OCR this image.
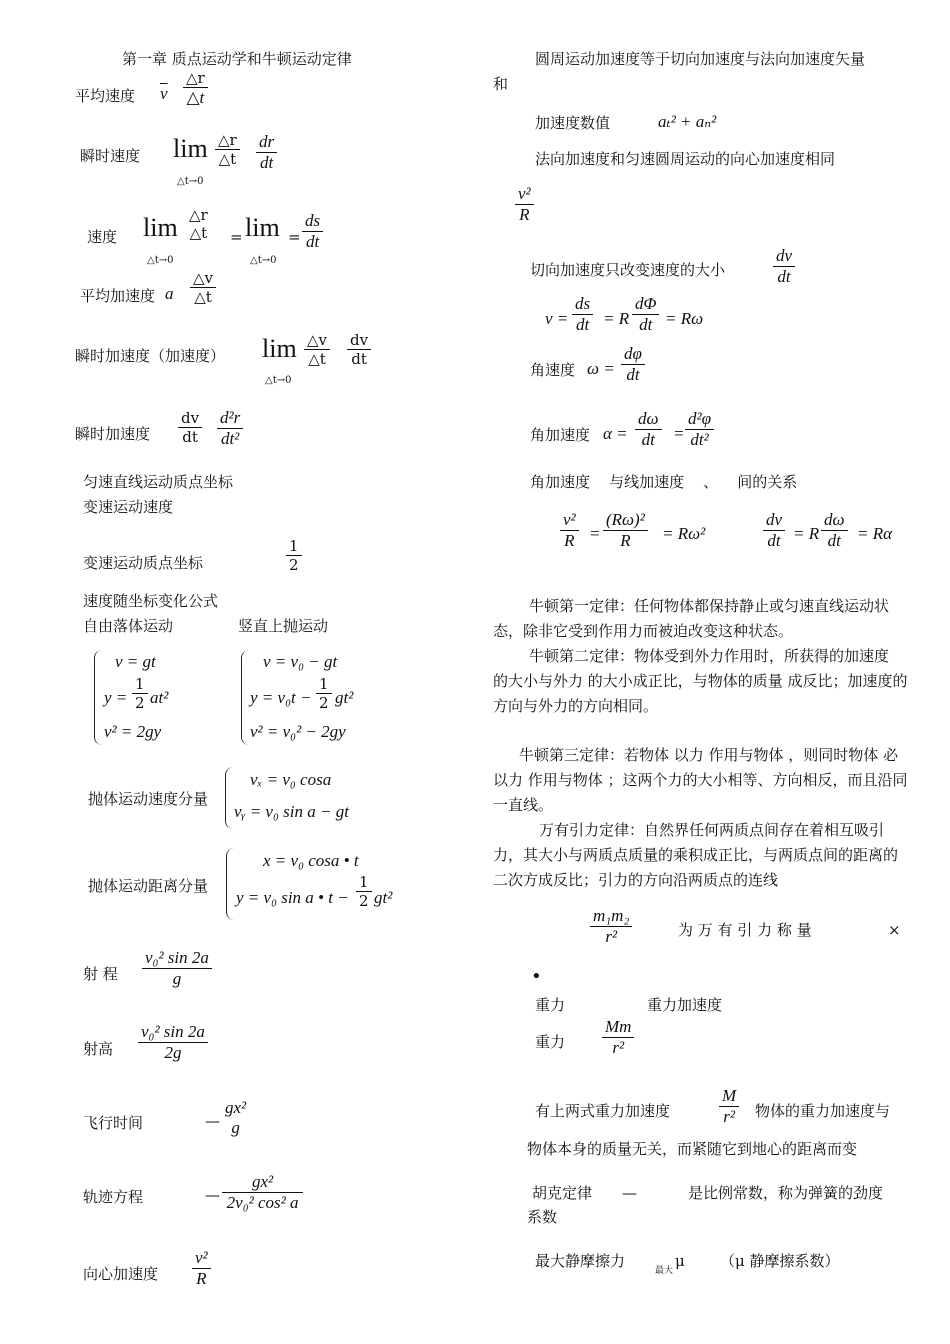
第一章 质点运动学和牛顿运动定律
平均速度 $\overline{v} \frac{\triangle r}{\triangle t}$
瞬时速度 lim
△t→0
$\frac{\triangle r}{\triangle t} \frac{dr}{dt}$
速度 lim
△t→0
△r
△t = lim
△t→0
= $\frac{ds}{dt}$
平均加速度 a $\frac{\triangle v}{\triangle t}$
瞬时加速度（加速度） lim
△t→0
$\frac{\triangle v}{\triangle t} \frac{dv}{dt}$
瞬时加速度 $\frac{dv}{dt} \frac{\text{d²r}}{\text{dt²}}$
匀速直线运动质点坐标
变速运动速度
变速运动质点坐标	$\frac{1}{2}$
速度随坐标变化公式
自由落体运动	竖直上抛运动
v = gt
$y = \frac{1}{2} at^2$
v² = 2gy
v = v₀ − gt
$y = v_0t - \frac{1}{2} gt^2$
v² = v₀² − 2gy
抛体运动速度分量
vₓ = v₀ cosa
vᵧ = v₀ sin a − gt
抛体运动距离分量
x = v₀ cosa • t
y = v₀ sin a • $t - \frac{1}{2} gt^2$
射 程 $\frac{\text{v₀² sin 2a}}{g}$
射高 $\frac{\text{v₀² sin 2a}}{2g}$
飞行时间	—
gx²
g
轨迹方程	— $\frac{\text{gx²}}{\text{2v₀² cos² a}}$
向心加速度 $\frac{\text{v²}}{R}$
圆周运动加速度等于切向加速度与法向加速度矢量
和
加速度数值	aₜ² + aₙ²
法向加速度和匀速圆周运动的向心加速度相同
$\frac{\text{v²}}{R}$
切向加速度只改变速度的大小	$\frac{dv}{dt}$
$v = \frac{ds}{dt} = R \frac{d\Phi}{dt} = R\omega$
角速度 $\omega = \frac{d\varphi}{dt}$
角加速度 $\alpha = \frac{d\omega}{dt} = \frac{\text{d²φ}}{\text{dt²}}$
角加速度    与线加速度    、    间的关系
$\frac{\text{v²}}{R} = \frac{\text{(Rω)²}}{R} = R\omega^2$	$\frac{dv}{dt} = R \frac{d\omega}{dt} = R\alpha$
牛顿第一定律：任何物体都保持静止或匀速直线运动状态，除非它受到作用力而被迫改变这种状态。
牛顿第二定律：物体受到外力作用时，所获得的加速度 的大小与外力 的大小成正比，与物体的质量 成反比；加速度的方向与外力的方向相同。
牛顿第三定律：若物体 以力 作用与物体 ，则同时物体 必以力 作用与物体 ；这两个力的大小相等、方向相反，而且沿同一直线。
万有引力定律：自然界任何两质点间存在着相互吸引力，其大小与两质点质量的乘积成正比，与两质点间的距离的二次方成反比；引力的方向沿两质点的连线
$\frac{\text{m₁m₂}}{\text{r²}}$	为 万 有 引 力 称 量	×
•
重力	重力加速度
重力 $\frac{Mm}{\text{r²}}$
有上两式重力加速度	$\frac{M}{\text{r²}}$ 物体的重力加速度与
物体本身的质量无关，而紧随它到地心的距离而变
胡克定律 —	是比例常数，称为弹簧的劲度
系数
最大静摩擦力
最大
μ （μ 静摩擦系数）
